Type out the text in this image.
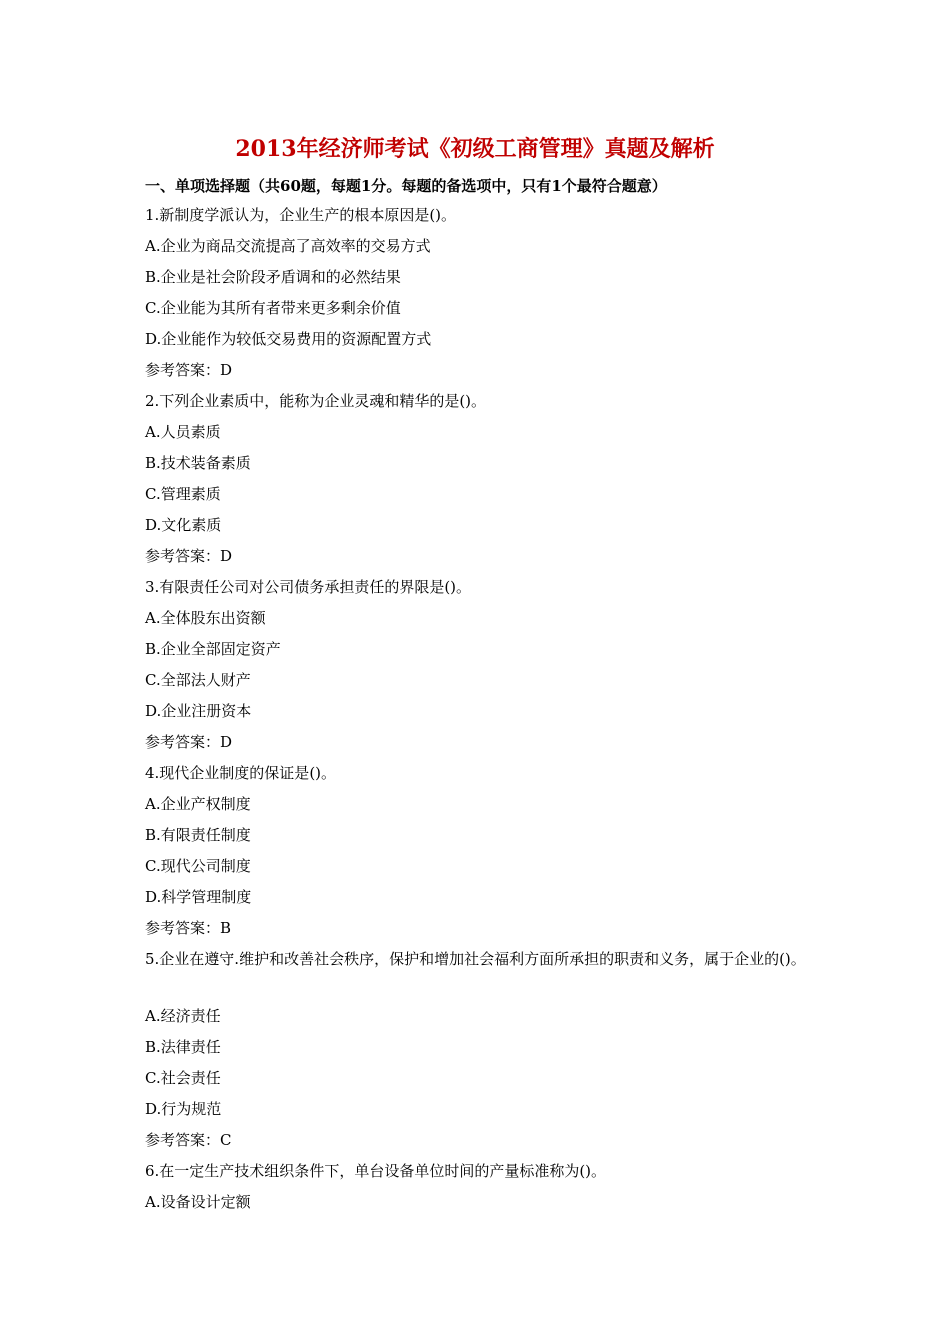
2013年经济师考试《初级工商管理》真题及解析
一、单项选择题（共60题，每题1分。每题的备选项中，只有1个最符合题意）
1.新制度学派认为，企业生产的根本原因是()。
A.企业为商品交流提高了高效率的交易方式
B.企业是社会阶段矛盾调和的必然结果
C.企业能为其所有者带来更多剩余价值
D.企业能作为较低交易费用的资源配置方式
参考答案：D
2.下列企业素质中，能称为企业灵魂和精华的是()。
A.人员素质
B.技术装备素质
C.管理素质
D.文化素质
参考答案：D
3.有限责任公司对公司债务承担责任的界限是()。
A.全体股东出资额
B.企业全部固定资产
C.全部法人财产
D.企业注册资本
参考答案：D
4.现代企业制度的保证是()。
A.企业产权制度
B.有限责任制度
C.现代公司制度
D.科学管理制度
参考答案：B
5.企业在遵守.维护和改善社会秩序，保护和增加社会福利方面所承担的职责和义务，属于企业的()。
A.经济责任
B.法律责任
C.社会责任
D.行为规范
参考答案：C
6.在一定生产技术组织条件下，单台设备单位时间的产量标准称为()。
A.设备设计定额
